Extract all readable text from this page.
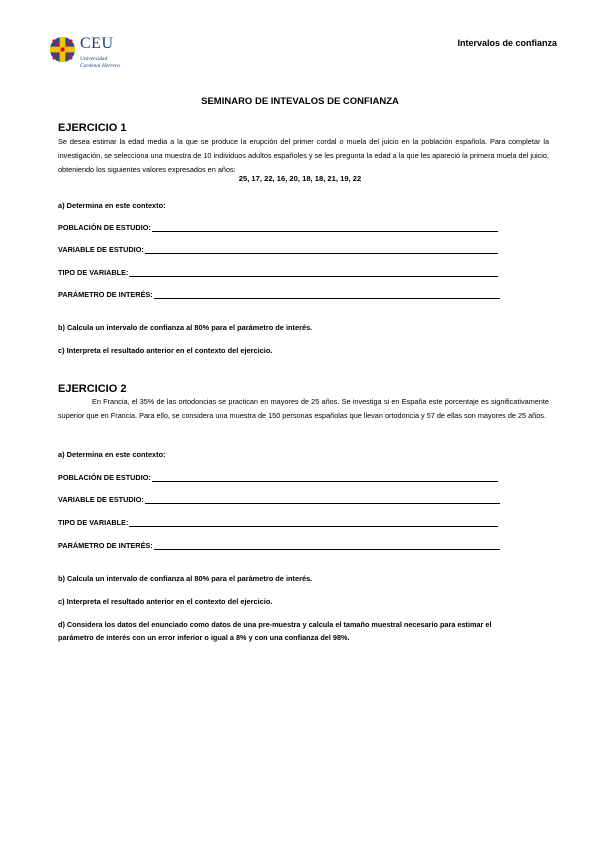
CEU
Universidad
Cardenal Herrera
Intervalos de confianza
SEMINARO DE INTEVALOS DE CONFIANZA
EJERCICIO 1
Se desea estimar la edad media a la que se produce la erupción del primer cordal o muela del juicio en la población española. Para completar la investigación, se selecciona una muestra de 10 individuos adultos españoles y se les pregunta la edad a la que les apareció la primera muela del juicio, obteniendo los siguientes valores expresados en años:
25, 17, 22, 16, 20, 18, 18, 21, 19, 22
a) Determina en este contexto:
POBLACIÓN DE ESTUDIO:
VARIABLE DE ESTUDIO:
TIPO DE VARIABLE:
PARÁMETRO DE INTERÉS:
b) Calcula un intervalo de confianza al 80% para el parámetro de interés.
c) Interpreta el resultado anterior en el contexto del ejercicio.
EJERCICIO 2
En Francia, el 35% de las ortodoncias se practican en mayores de 25 años. Se investiga si en España este porcentaje es significativamente superior que en Francia. Para ello, se considera una muestra de 150 personas españolas que llevan ortodoncia y 57 de ellas son mayores de 25 años.
a) Determina en este contexto:
POBLACIÓN DE ESTUDIO:
VARIABLE DE ESTUDIO:
TIPO DE VARIABLE:
PARÁMETRO DE INTERÉS:
b) Calcula un intervalo de confianza al 80% para el parámetro de interés.
c) Interpreta el resultado anterior en el contexto del ejercicio.
d) Considera los datos del enunciado como datos de una pre-muestra y calcula el tamaño muestral necesario para estimar el parámetro de interés con un error inferior o igual a 8% y con una confianza del 98%.
